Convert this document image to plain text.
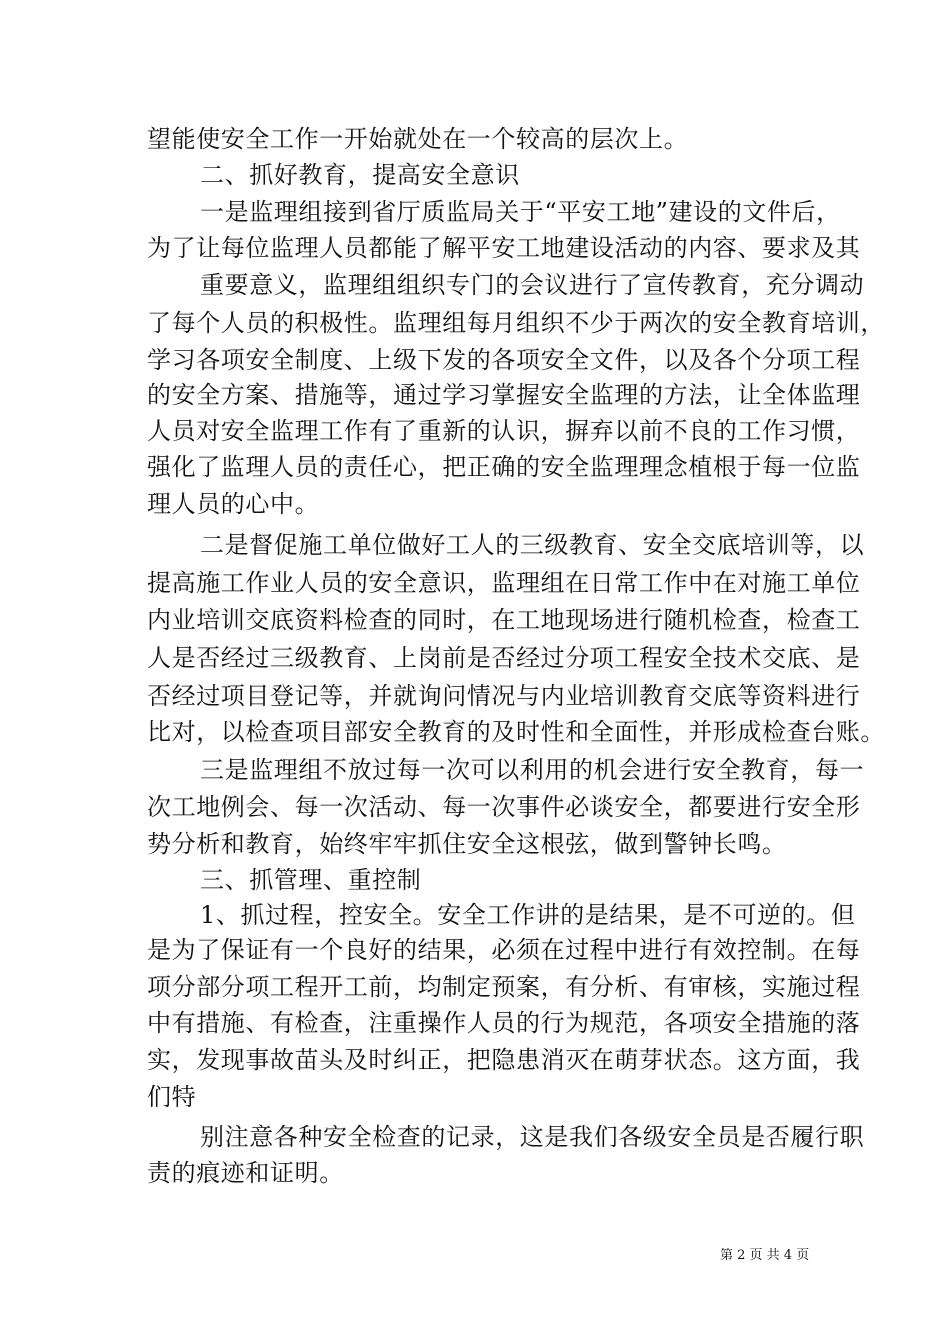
望能使安全工作一开始就处在一个较高的层次上。
二、抓好教育，提高安全意识
一是监理组接到省厅质监局关于“平安工地”建设的文件后，
为了让每位监理人员都能了解平安工地建设活动的内容、要求及其
重要意义，监理组组织专门的会议进行了宣传教育，充分调动
了每个人员的积极性。监理组每月组织不少于两次的安全教育培训，
学习各项安全制度、上级下发的各项安全文件，以及各个分项工程
的安全方案、措施等，通过学习掌握安全监理的方法，让全体监理
人员对安全监理工作有了重新的认识，摒弃以前不良的工作习惯，
强化了监理人员的责任心，把正确的安全监理理念植根于每一位监
理人员的心中。
二是督促施工单位做好工人的三级教育、安全交底培训等，以
提高施工作业人员的安全意识，监理组在日常工作中在对施工单位
内业培训交底资料检查的同时，在工地现场进行随机检查，检查工
人是否经过三级教育、上岗前是否经过分项工程安全技术交底、是
否经过项目登记等，并就询问情况与内业培训教育交底等资料进行
比对，以检查项目部安全教育的及时性和全面性，并形成检查台账。
三是监理组不放过每一次可以利用的机会进行安全教育，每一
次工地例会、每一次活动、每一次事件必谈安全，都要进行安全形
势分析和教育，始终牢牢抓住安全这根弦，做到警钟长鸣。
三、抓管理、重控制
1、抓过程，控安全。安全工作讲的是结果，是不可逆的。但
是为了保证有一个良好的结果，必须在过程中进行有效控制。在每
项分部分项工程开工前，均制定预案，有分析、有审核，实施过程
中有措施、有检查，注重操作人员的行为规范，各项安全措施的落
实，发现事故苗头及时纠正，把隐患消灭在萌芽状态。这方面，我
们特
别注意各种安全检查的记录，这是我们各级安全员是否履行职
责的痕迹和证明。
第 2 页 共 4 页
